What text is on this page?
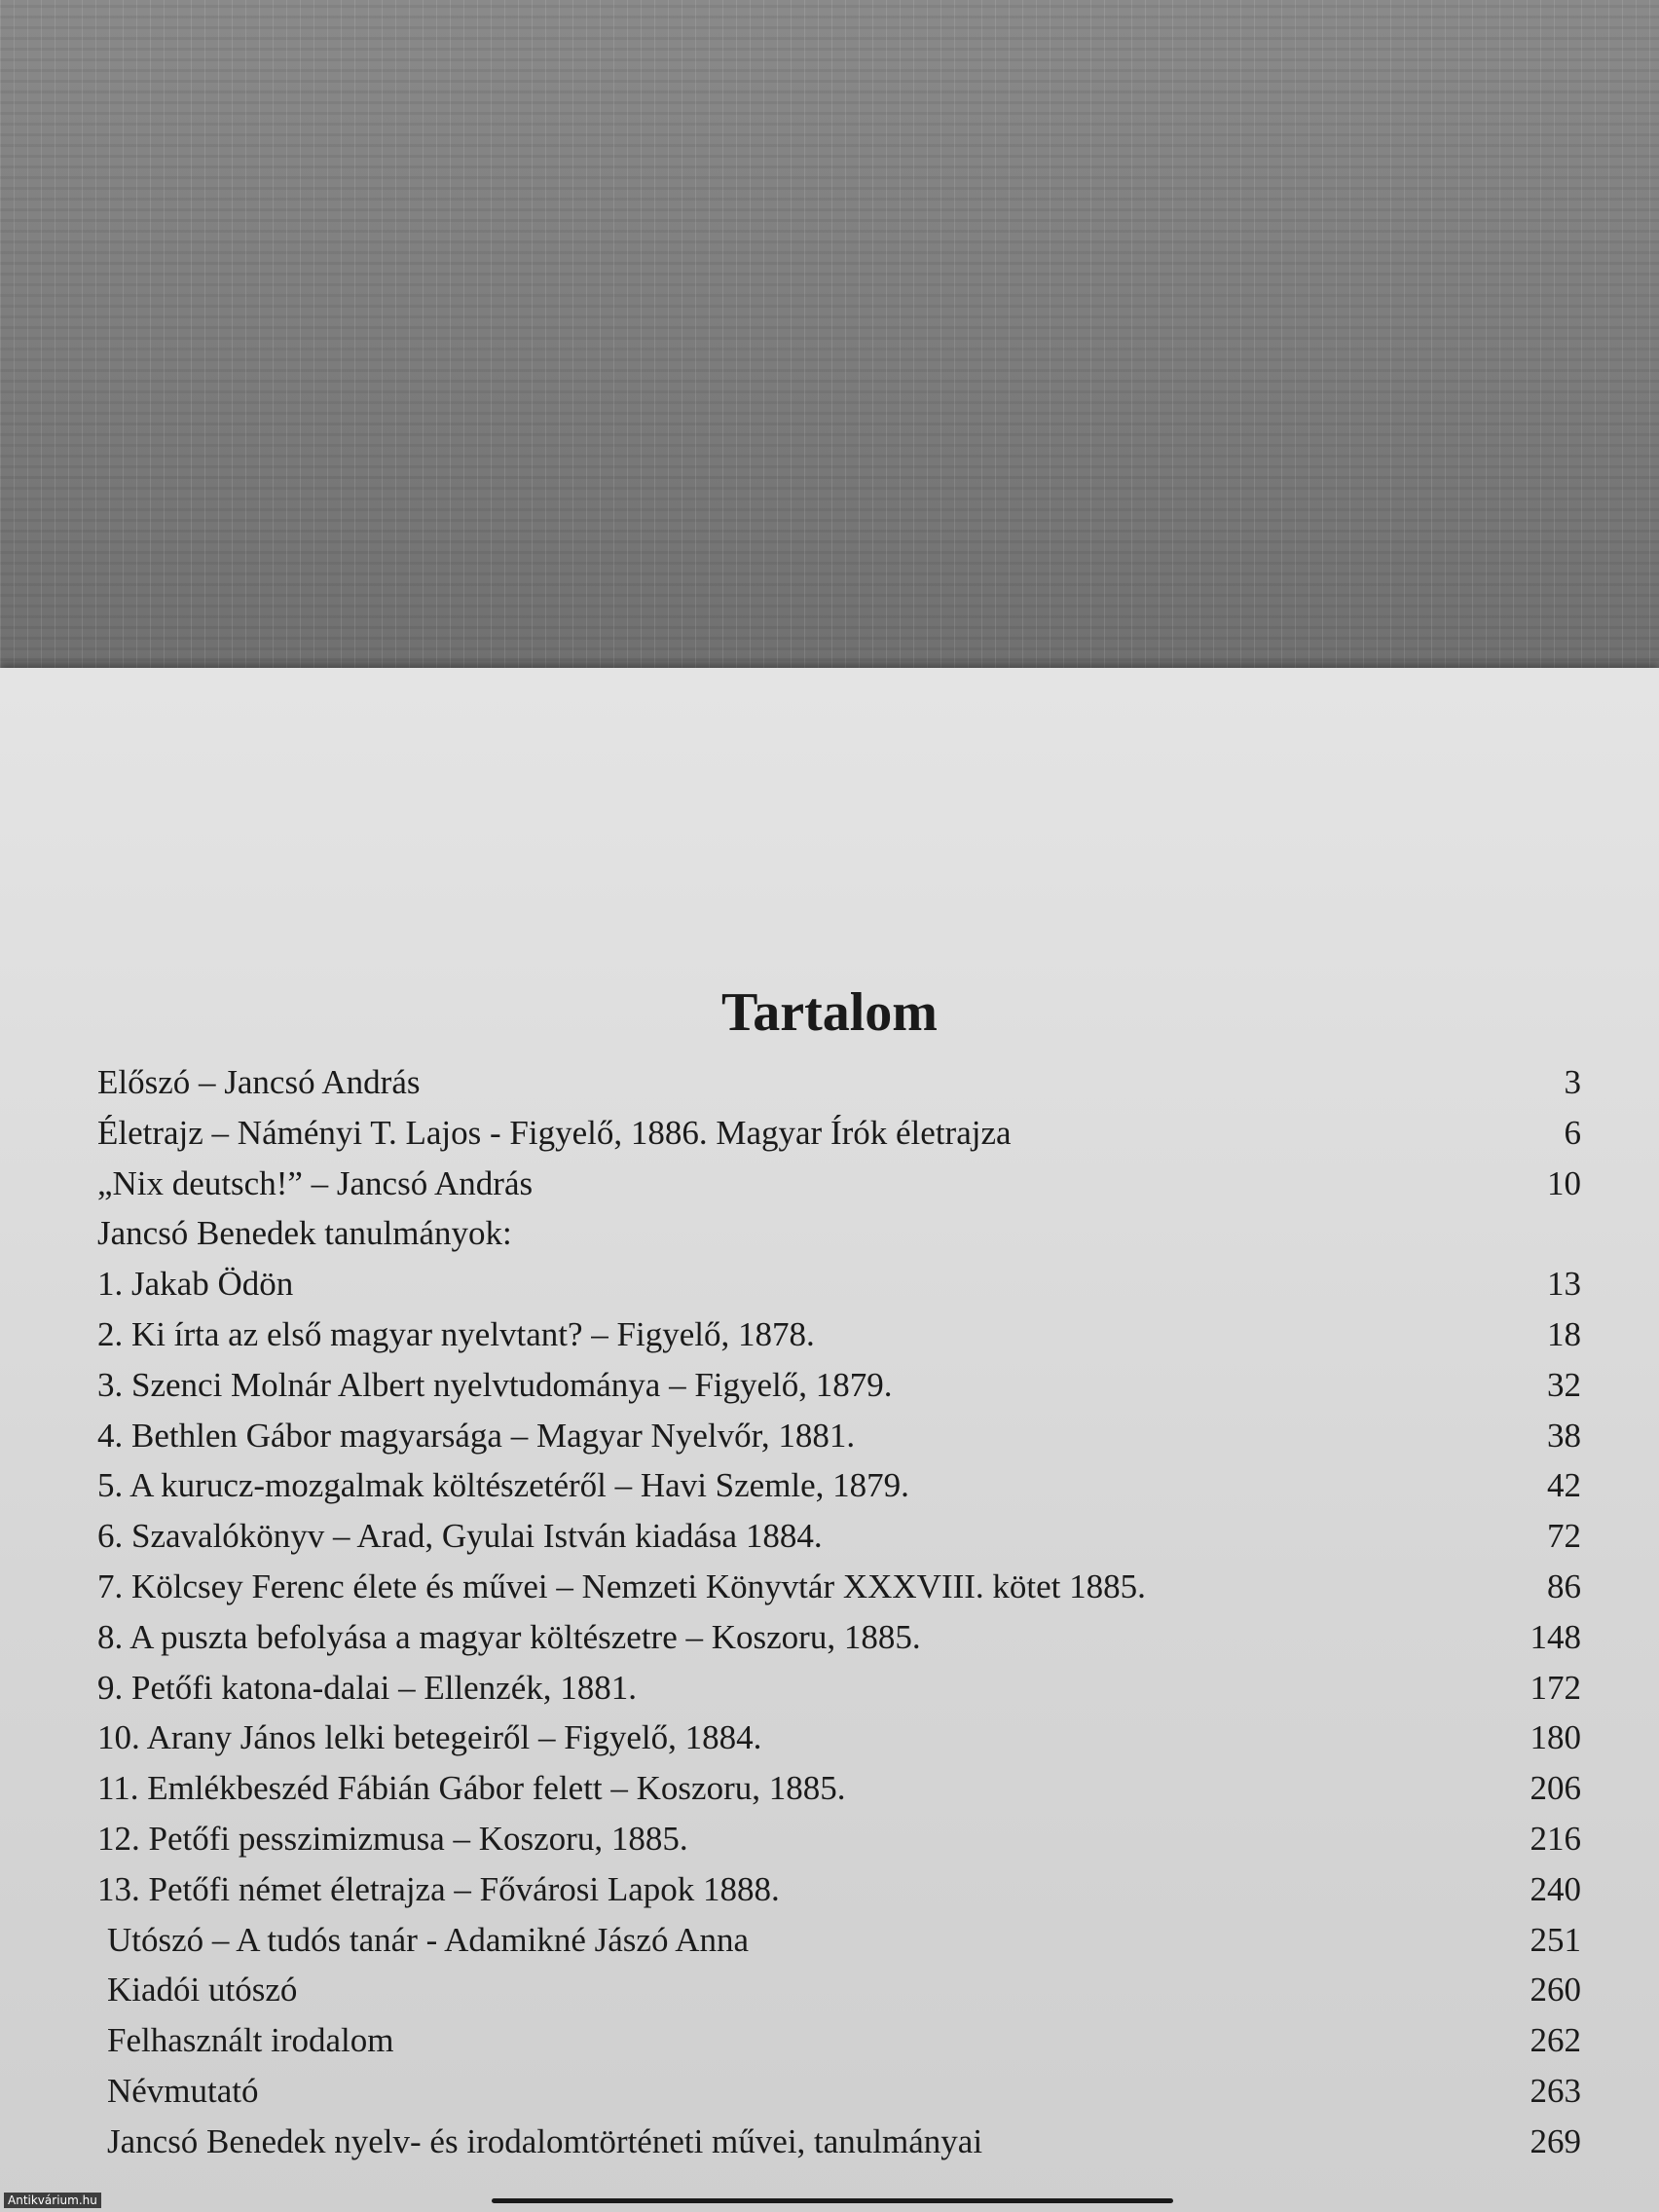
Tartalom
Előszó – Jancsó András	3
Életrajz – Náményi T. Lajos - Figyelő, 1886. Magyar Írók életrajza	6
„Nix deutsch!” – Jancsó András	10
Jancsó Benedek tanulmányok:
1. Jakab Ödön	13
2. Ki írta az első magyar nyelvtant? – Figyelő, 1878.	18
3. Szenci Molnár Albert nyelvtudománya – Figyelő, 1879.	32
4. Bethlen Gábor magyarsága – Magyar Nyelvőr, 1881.	38
5. A kurucz-mozgalmak költészetéről – Havi Szemle, 1879.	42
6. Szavalókönyv – Arad, Gyulai István kiadása 1884.	72
7. Kölcsey Ferenc élete és művei – Nemzeti Könyvtár XXXVIII. kötet 1885.	86
8. A puszta befolyása a magyar költészetre – Koszoru, 1885.	148
9. Petőfi katona-dalai – Ellenzék, 1881.	172
10. Arany János lelki betegeiről – Figyelő, 1884.	180
11. Emlékbeszéd Fábián Gábor felett – Koszoru, 1885.	206
12. Petőfi pesszimizmusa – Koszoru, 1885.	216
13. Petőfi német életrajza – Fővárosi Lapok 1888.	240
Utószó – A tudós tanár - Adamikné Jászó Anna	251
Kiadói utószó	260
Felhasznált irodalom	262
Névmutató	263
Jancsó Benedek nyelv- és irodalomtörténeti művei, tanulmányai	269
Antikvárium.hu
